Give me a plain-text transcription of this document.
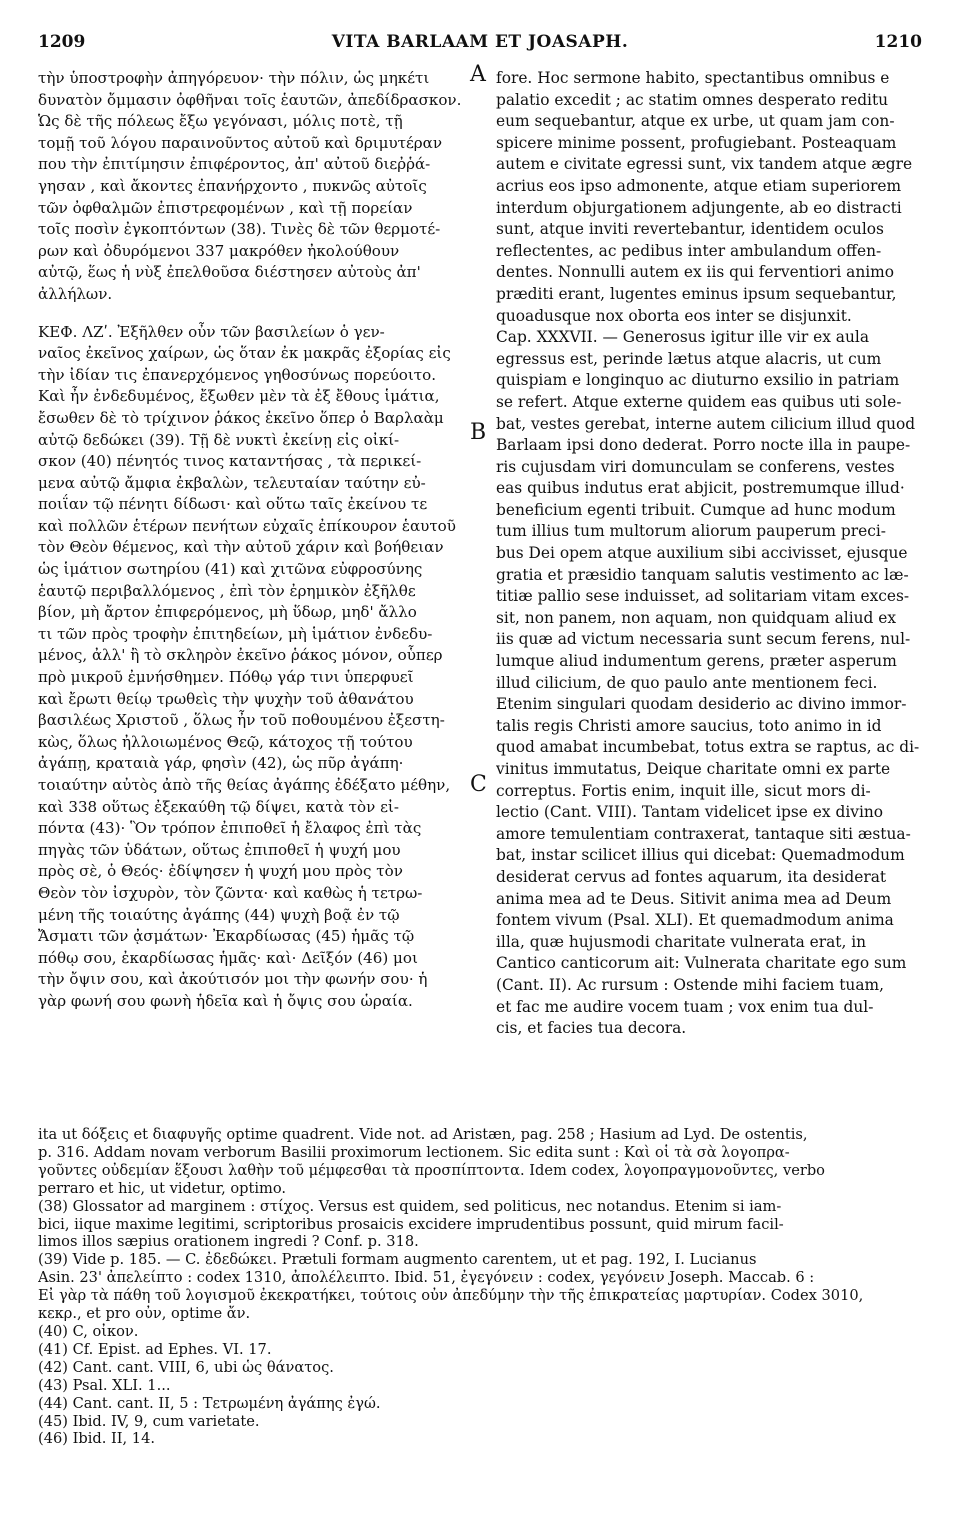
1209	VITA BARLAAM ET JOASAPH.	1210
τὴν ὑποστροφὴν ἀπηγόρευον· τὴν πόλιν, ὡς μηκέτι
δυνατὸν ὄμμασιν ὀφθῆναι τοῖς ἑαυτῶν, ἀπεδίδρασκον.
Ὡς δὲ τῆς πόλεως ἔξω γεγόνασι, μόλις ποτὲ, τῇ
τομῇ τοῦ λόγου παραινοῦντος αὐτοῦ καὶ δριμυτέραν
που τὴν ἐπιτίμησιν ἐπιφέροντος, ἀπ' αὐτοῦ διεῤῥά-
γησαν , καὶ ἄκοντες ἐπανήρχοντο , πυκνῶς αὐτοῖς
τῶν ὀφθαλμῶν ἐπιστρεφομένων , καὶ τῇ πορείαν
τοῖς ποσὶν ἐγκοπτόντων (38). Τινὲς δὲ τῶν θερμοτέ-
ρων καὶ ὀδυρόμενοι 337 μακρόθεν ἠκολούθουν
αὐτῷ, ἕως ἡ νὺξ ἐπελθοῦσα διέστησεν αὐτοὺς ἀπ'
ἀλλήλων.
ΚΕΦ. ΛΖʹ. Ἐξῆλθεν οὖν τῶν βασιλείων ὁ γεν-
ναῖος ἐκεῖνος χαίρων, ὡς ὅταν ἐκ μακρᾶς ἐξορίας εἰς
τὴν ἰδίαν τις ἐπανερχόμενος γηθοσύνως πορεύοιτο.
Καὶ ἦν ἐνδεδυμένος, ἔξωθεν μὲν τὰ ἐξ ἔθους ἱμάτια,
ἔσωθεν δὲ τὸ τρίχινον ῥάκος ἐκεῖνο ὅπερ ὁ Βαρλαὰμ
αὐτῷ δεδώκει (39). Τῇ δὲ νυκτὶ ἐκείνῃ εἰς οἰκί-
σκον (40) πένητός τινος καταντήσας , τὰ περικεί-
μενα αὐτῷ ἄμφια ἐκβαλὼν, τελευταίαν ταύτην εὐ-
ποιΐαν τῷ πένητι δίδωσι· καὶ οὕτω ταῖς ἐκείνου τε
καὶ πολλῶν ἑτέρων πενήτων εὐχαῖς ἐπίκουρον ἑαυτοῦ
τὸν Θεὸν θέμενος, καὶ τὴν αὐτοῦ χάριν καὶ βοήθειαν
ὡς ἱμάτιον σωτηρίου (41) καὶ χιτῶνα εὐφροσύνης
ἑαυτῷ περιβαλλόμενος , ἐπὶ τὸν ἐρημικὸν ἐξῆλθε
βίον, μὴ ἄρτον ἐπιφερόμενος, μὴ ὕδωρ, μηδ' ἄλλο
τι τῶν πρὸς τροφὴν ἐπιτηδείων, μὴ ἱμάτιον ἐνδεδυ-
μένος, ἀλλ' ἢ τὸ σκληρὸν ἐκεῖνο ῥάκος μόνον, οὗπερ
πρὸ μικροῦ ἐμνήσθημεν. Πόθῳ γάρ τινι ὑπερφυεῖ
καὶ ἔρωτι θείῳ τρωθεὶς τὴν ψυχὴν τοῦ ἀθανάτου
βασιλέως Χριστοῦ , ὅλως ἦν τοῦ ποθουμένου ἐξεστη-
κὼς, ὅλως ἠλλοιωμένος Θεῷ, κάτοχος τῇ τούτου
ἀγάπῃ, κραταιὰ γάρ, φησὶν (42), ὡς πῦρ ἀγάπη·
τοιαύτην αὐτὸς ἀπὸ τῆς θείας ἀγάπης ἐδέξατο μέθην,
καὶ 338 οὕτως ἐξεκαύθη τῷ δίψει, κατὰ τὸν εἰ-
πόντα (43)· Ὃν τρόπον ἐπιποθεῖ ἡ ἔλαφος ἐπὶ τὰς
πηγὰς τῶν ὑδάτων, οὕτως ἐπιποθεῖ ἡ ψυχή μου
πρὸς σὲ, ὁ Θεός· ἐδίψησεν ἡ ψυχή μου πρὸς τὸν
Θεὸν τὸν ἰσχυρὸν, τὸν ζῶντα· καὶ καθὼς ἡ τετρω-
μένη τῆς τοιαύτης ἀγάπης (44) ψυχὴ βοᾷ ἐν τῷ
Ἄσματι τῶν ᾀσμάτων· Ἐκαρδίωσας (45) ἡμᾶς τῷ
πόθῳ σου, ἐκαρδίωσας ἡμᾶς· καὶ· Δεῖξόν (46) μοι
τὴν ὄψιν σου, καὶ ἀκούτισόν μοι τὴν φωνήν σου· ἡ
γὰρ φωνή σου φωνὴ ἡδεῖα καὶ ἡ ὄψις σου ὡραία.
fore. Hoc sermone habito, spectantibus omnibus e
palatio excedit ; ac statim omnes desperato reditu
eum sequebantur, atque ex urbe, ut quam jam con-
spicere minime possent, profugiebant. Posteaquam
autem e civitate egressi sunt, vix tandem atque ægre
acrius eos ipso admonente, atque etiam superiorem
interdum objurgationem adjungente, ab eo distracti
sunt, atque inviti revertebantur, identidem oculos
reflectentes, ac pedibus inter ambulandum offen-
dentes. Nonnulli autem ex iis qui ferventiori animo
præditi erant, lugentes eminus ipsum sequebantur,
quoadusque nox oborta eos inter se disjunxit.
Cap. XXXVII. — Generosus igitur ille vir ex aula
egressus est, perinde lætus atque alacris, ut cum
quispiam e longinquo ac diuturno exsilio in patriam
se refert. Atque externe quidem eas quibus uti sole-
bat, vestes gerebat, interne autem cilicium illud quod
Barlaam ipsi dono dederat. Porro nocte illa in paupe-
ris cujusdam viri domunculam se conferens, vestes
eas quibus indutus erat abjicit, postremumque illud·
beneficium egenti tribuit. Cumque ad hunc modum
tum illius tum multorum aliorum pauperum preci-
bus Dei opem atque auxilium sibi accivisset, ejusque
gratia et præsidio tanquam salutis vestimento ac læ-
titiæ pallio sese induisset, ad solitariam vitam exces-
sit, non panem, non aquam, non quidquam aliud ex
iis quæ ad victum necessaria sunt secum ferens, nul-
lumque aliud indumentum gerens, præter asperum
illud cilicium, de quo paulo ante mentionem feci.
Etenim singulari quodam desiderio ac divino immor-
talis regis Christi amore saucius, toto animo in id
quod amabat incumbebat, totus extra se raptus, ac di-
vinitus immutatus, Deique charitate omni ex parte
correptus. Fortis enim, inquit ille, sicut mors di-
lectio (Cant. VIII). Tantam videlicet ipse ex divino
amore temulentiam contraxerat, tantaque siti æstua-
bat, instar scilicet illius qui dicebat: Quemadmodum
desiderat cervus ad fontes aquarum, ita desiderat
anima mea ad te Deus. Sitivit anima mea ad Deum
fontem vivum (Psal. XLI). Et quemadmodum anima
illa, quæ hujusmodi charitate vulnerata erat, in
Cantico canticorum ait: Vulnerata charitate ego sum
(Cant. II). Ac rursum : Ostende mihi faciem tuam,
et fac me audire vocem tuam ; vox enim tua dul-
cis, et facies tua decora.
A
B
C
ita ut δόξεις et διαφυγῆς optime quadrent. Vide not. ad Aristæn, pag. 258 ; Hasium ad Lyd. De ostentis,
p. 316. Addam novam verborum Basilii proximorum lectionem. Sic edita sunt : Καὶ οἱ τὰ σὰ λογοπρα-
γοῦντες οὐδεμίαν ἕξουσι λαθὴν τοῦ μέμφεσθαι τὰ προσπίπτοντα. Idem codex, λογοπραγμονοῦντες, verbo
perraro et hic, ut videtur, optimo.
(38) Glossator ad marginem : στίχος. Versus est quidem, sed politicus, nec notandus. Etenim si iam-
bici, iique maxime legitimi, scriptoribus prosaicis excidere imprudentibus possunt, quid mirum facil-
limos illos sæpius orationem ingredi ? Conf. p. 318.
(39) Vide p. 185. — C. ἐδεδώκει. Prætuli formam augmento carentem, ut et pag. 192, I. Lucianus
Asin. 23' ἀπελείπτο : codex 1310, ἀπολέλειπτο. Ibid. 51, ἐγεγόνειν : codex, γεγόνειν Joseph. Maccab. 6 :
Εἰ γὰρ τὰ πάθη τοῦ λογισμοῦ ἐκεκρατήκει, τούτοις οὖν ἀπεδύμην τὴν τῆς ἐπικρατείας μαρτυρίαν. Codex 3010,
κεκρ., et pro οὖν, optime ἄν.
(40) C, οἶκον.
(41) Cf. Epist. ad Ephes. VI. 17.
(42) Cant. cant. VIII, 6, ubi ὡς θάνατος.
(43) Psal. XLI. 1...
(44) Cant. cant. II, 5 : Τετρωμένη ἀγάπης ἐγώ.
(45) Ibid. IV, 9, cum varietate.
(46) Ibid. II, 14.
